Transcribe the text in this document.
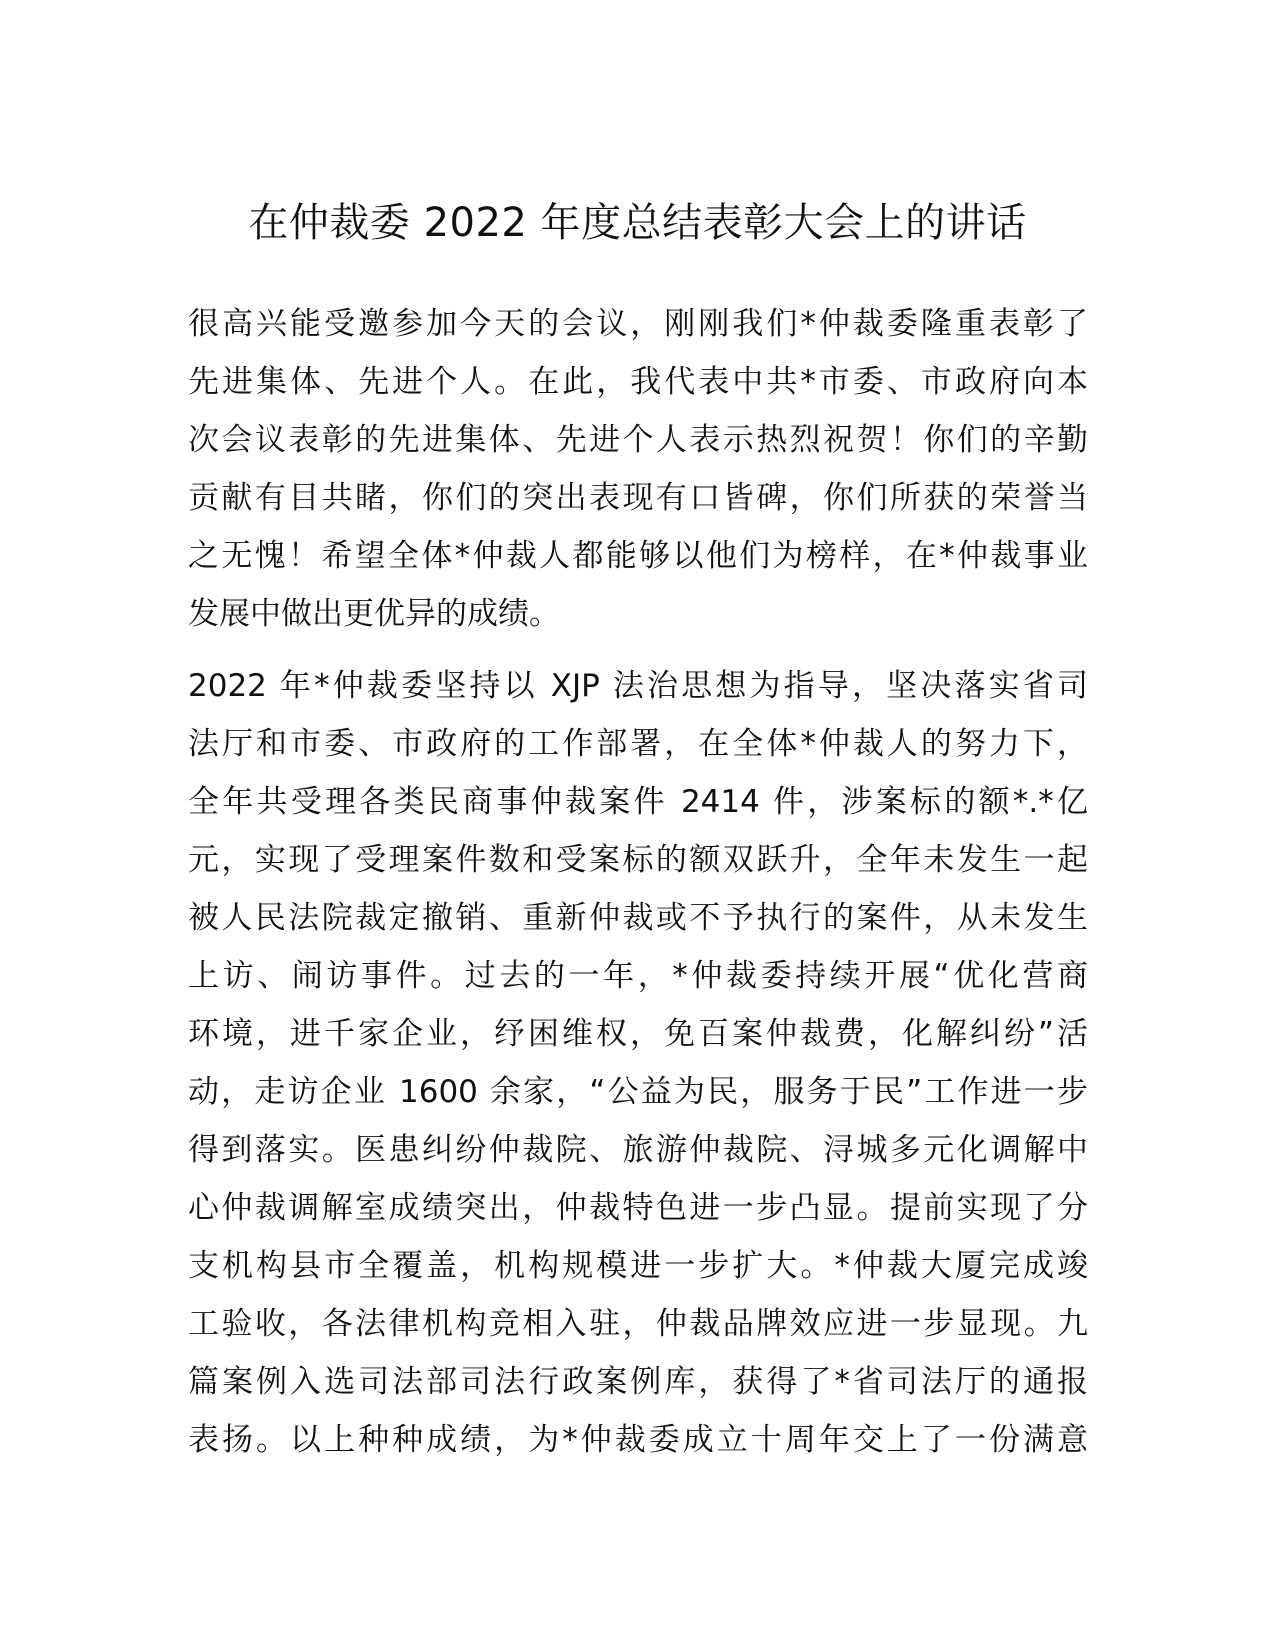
在仲裁委 2022 年度总结表彰大会上的讲话
很高兴能受邀参加今天的会议，刚刚我们*仲裁委隆重表彰了
先进集体、先进个人。在此，我代表中共*市委、市政府向本
次会议表彰的先进集体、先进个人表示热烈祝贺！你们的辛勤
贡献有目共睹，你们的突出表现有口皆碑，你们所获的荣誉当
之无愧！希望全体*仲裁人都能够以他们为榜样，在*仲裁事业
发展中做出更优异的成绩。
2022 年*仲裁委坚持以 XJP 法治思想为指导，坚决落实省司
法厅和市委、市政府的工作部署，在全体*仲裁人的努力下，
全年共受理各类民商事仲裁案件 2414 件，涉案标的额*.*亿
元，实现了受理案件数和受案标的额双跃升，全年未发生一起
被人民法院裁定撤销、重新仲裁或不予执行的案件，从未发生
上访、闹访事件。过去的一年，*仲裁委持续开展“优化营商
环境，进千家企业，纾困维权，免百案仲裁费，化解纠纷”活
动，走访企业 1600 余家，“公益为民，服务于民”工作进一步
得到落实。医患纠纷仲裁院、旅游仲裁院、浔城多元化调解中
心仲裁调解室成绩突出，仲裁特色进一步凸显。提前实现了分
支机构县市全覆盖，机构规模进一步扩大。*仲裁大厦完成竣
工验收，各法律机构竞相入驻，仲裁品牌效应进一步显现。九
篇案例入选司法部司法行政案例库，获得了*省司法厅的通报
表扬。以上种种成绩，为*仲裁委成立十周年交上了一份满意
